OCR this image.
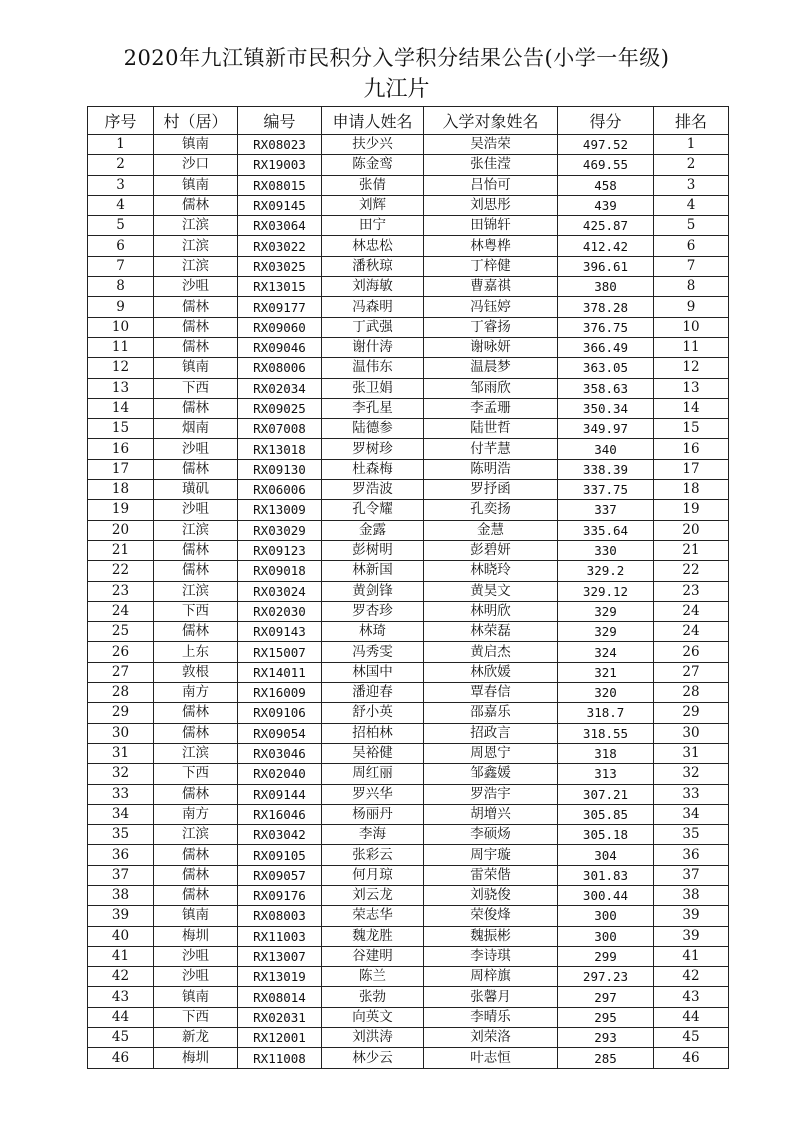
2020年九江镇新市民积分入学积分结果公告(小学一年级)
九江片
序号	村（居）	编号	申请人姓名	入学对象姓名	得分	排名
1	镇南	RX08023	扶少兴	吴浩荣	497.52	1
2	沙口	RX19003	陈金鸾	张佳滢	469.55	2
3	镇南	RX08015	张倩	吕怡可	458	3
4	儒林	RX09145	刘辉	刘思彤	439	4
5	江滨	RX03064	田宁	田锦轩	425.87	5
6	江滨	RX03022	林忠松	林粤桦	412.42	6
7	江滨	RX03025	潘秋琼	丁梓健	396.61	7
8	沙咀	RX13015	刘海敏	曹嘉祺	380	8
9	儒林	RX09177	冯森明	冯钰婷	378.28	9
10	儒林	RX09060	丁武强	丁睿扬	376.75	10
11	儒林	RX09046	谢什涛	谢咏妍	366.49	11
12	镇南	RX08006	温伟东	温晨梦	363.05	12
13	下西	RX02034	张卫娟	邹雨欣	358.63	13
14	儒林	RX09025	李孔星	李孟珊	350.34	14
15	烟南	RX07008	陆德参	陆世哲	349.97	15
16	沙咀	RX13018	罗树珍	付芊慧	340	16
17	儒林	RX09130	杜森梅	陈明浩	338.39	17
18	璜矶	RX06006	罗浩波	罗抒函	337.75	18
19	沙咀	RX13009	孔令耀	孔奕扬	337	19
20	江滨	RX03029	金露	金慧	335.64	20
21	儒林	RX09123	彭树明	彭碧妍	330	21
22	儒林	RX09018	林新国	林晓玲	329.2	22
23	江滨	RX03024	黄剑锋	黄昊文	329.12	23
24	下西	RX02030	罗杏珍	林明欣	329	24
25	儒林	RX09143	林琦	林荣磊	329	24
26	上东	RX15007	冯秀雯	黄启杰	324	26
27	敦根	RX14011	林国中	林欣媛	321	27
28	南方	RX16009	潘迎春	覃春信	320	28
29	儒林	RX09106	舒小英	邵嘉乐	318.7	29
30	儒林	RX09054	招柏林	招政言	318.55	30
31	江滨	RX03046	吴裕健	周恩宁	318	31
32	下西	RX02040	周红丽	邹鑫媛	313	32
33	儒林	RX09144	罗兴华	罗浩宇	307.21	33
34	南方	RX16046	杨丽丹	胡增兴	305.85	34
35	江滨	RX03042	李海	李硕炀	305.18	35
36	儒林	RX09105	张彩云	周宇璇	304	36
37	儒林	RX09057	何月琼	雷荣偕	301.83	37
38	儒林	RX09176	刘云龙	刘骁俊	300.44	38
39	镇南	RX08003	荣志华	荣俊烽	300	39
40	梅圳	RX11003	魏龙胜	魏振彬	300	39
41	沙咀	RX13007	谷建明	李诗琪	299	41
42	沙咀	RX13019	陈兰	周梓旗	297.23	42
43	镇南	RX08014	张勃	张馨月	297	43
44	下西	RX02031	向英文	李晴乐	295	44
45	新龙	RX12001	刘洪涛	刘荣洛	293	45
46	梅圳	RX11008	林少云	叶志恒	285	46
